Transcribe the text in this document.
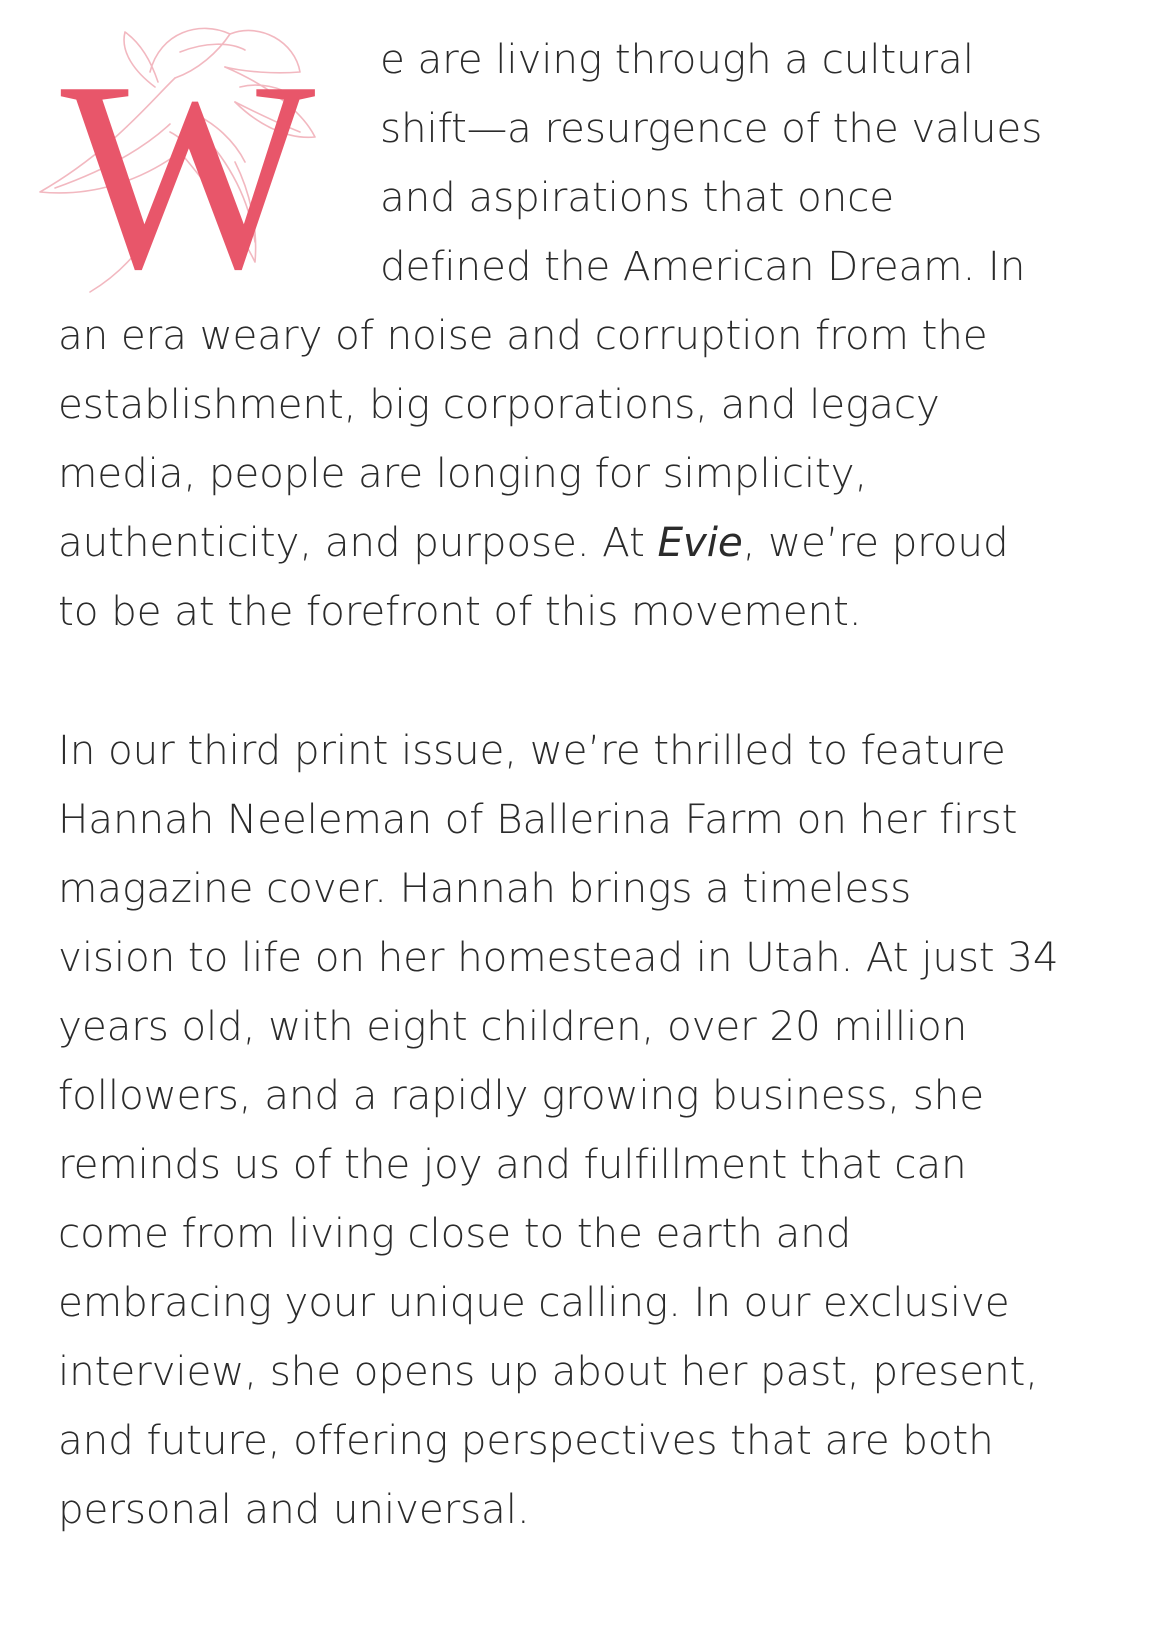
W e are living through a cultural
shift—a resurgence of the values
and aspirations that once
defined the American Dream. In
an era weary of noise and corruption from the
establishment, big corporations, and legacy
media, people are longing for simplicity,
authenticity, and purpose. At Evie, we’re proud
to be at the forefront of this movement.
In our third print issue, we’re thrilled to feature
Hannah Neeleman of Ballerina Farm on her first
magazine cover. Hannah brings a timeless
vision to life on her homestead in Utah. At just 34
years old, with eight children, over 20 million
followers, and a rapidly growing business, she
reminds us of the joy and fulfillment that can
come from living close to the earth and
embracing your unique calling. In our exclusive
interview, she opens up about her past, present,
and future, offering perspectives that are both
personal and universal.
